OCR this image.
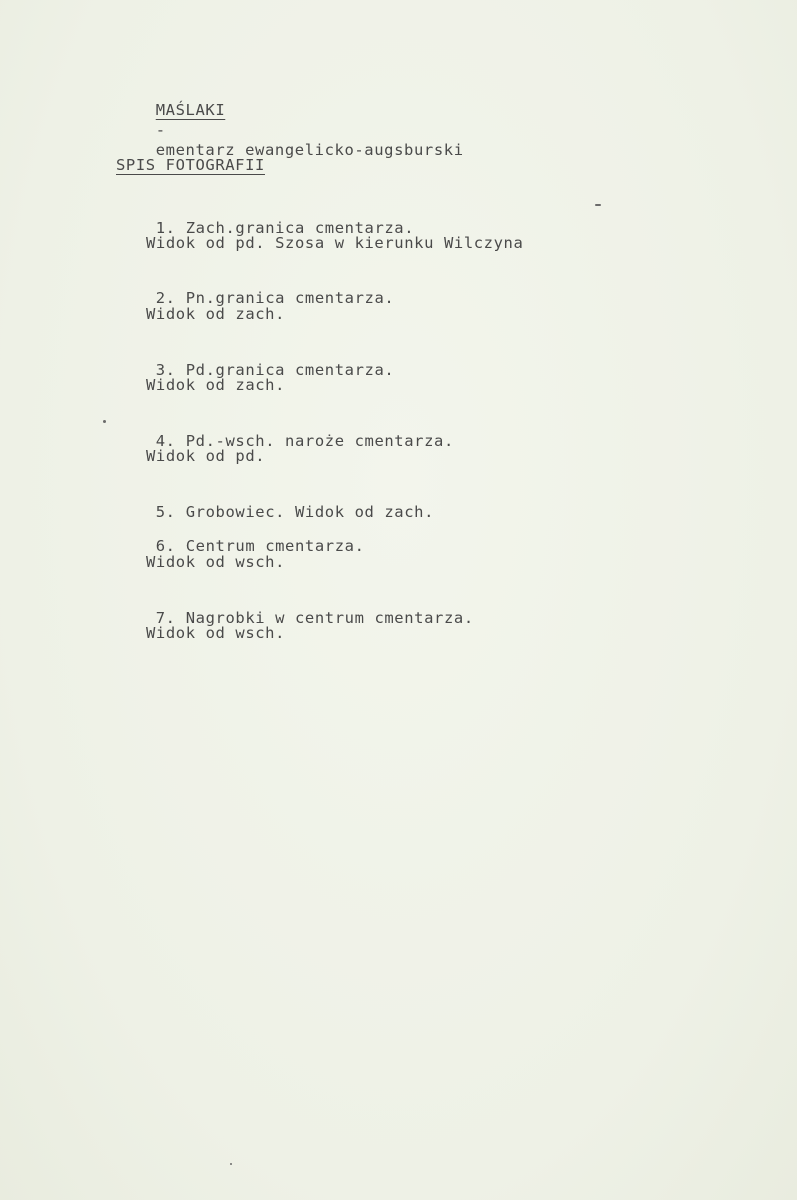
MAŚLAKI
-
ementarz ewangelicko-augsburski

SPIS FOTOGRAFII

1. Zach.granica cmentarza.

Widok od pd. Szosa w kierunku Wilczyna

2. Pn.granica cmentarza.

Widok od zach.

3. Pd.granica cmentarza.

Widok od zach.

4. Pd.-wsch. naroże cmentarza.

Widok od pd.

5. Grobowiec. Widok od zach.

6. Centrum cmentarza.

Widok od wsch.

7. Nagrobki w centrum cmentarza.

Widok od wsch.
